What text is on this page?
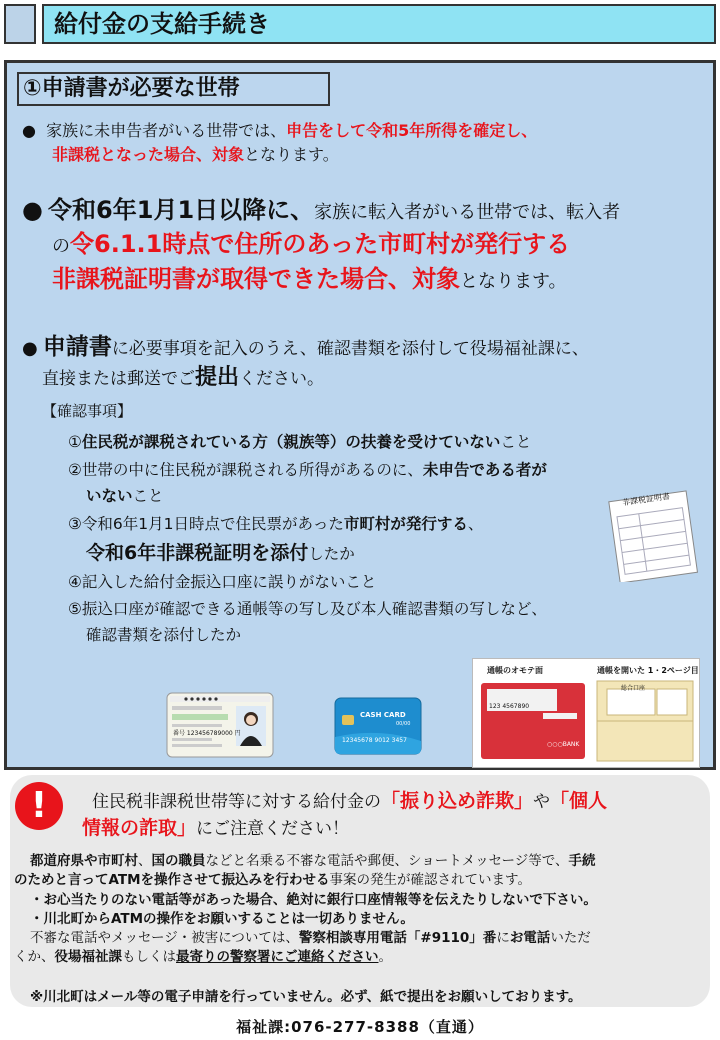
給付金の支給手続き
①申請書が必要な世帯
● 家族に未申告者がいる世帯では、申告をして令和5年所得を確定し、
非課税となった場合、対象となります。
● 令和6年1月1日以降に、家族に転入者がいる世帯では、転入者
の令6.1.1時点で住所のあった市町村が発行する
非課税証明書が取得できた場合、対象となります。
● 申請書に必要事項を記入のうえ、確認書類を添付して役場福祉課に、
直接または郵送でご提出ください。
【確認事項】
①住民税が課税されている方（親族等）の扶養を受けていないこと
②世帯の中に住民税が課税される所得があるのに、未申告である者が
いないこと
③令和6年1月1日時点で住民票があった市町村が発行する、
令和6年非課税証明を添付したか
④記入した給付金振込口座に誤りがないこと
⑤振込口座が確認できる通帳等の写し及び本人確認書類の写しなど、
確認書類を添付したか
非課税証明書
番号 123456789000 円
CASH CARD
00/00
12345678 9012 3457
通帳のオモテ面	通帳を開いた 1・2ページ目
123 4567890
○○○BANK
総合口座
!	住民税非課税世帯等に対する給付金の「振り込め詐欺」や「個人
情報の詐取」にご注意ください！
都道府県や市町村、国の職員などと名乗る不審な電話や郵便、ショートメッセージ等で、手続
のためと言ってATMを操作させて振込みを行わせる事案の発生が確認されています。
・お心当たりのない電話等があった場合、絶対に銀行口座情報等を伝えたりしないで下さい。
・川北町からATMの操作をお願いすることは一切ありません。
不審な電話やメッセージ・被害については、警察相談専用電話「#9110」番にお電話いただ
くか、役場福祉課もしくは最寄りの警察署にご連絡ください。
※川北町はメール等の電子申請を行っていません。必ず、紙で提出をお願いしております。
福祉課:076-277-8388（直通）
